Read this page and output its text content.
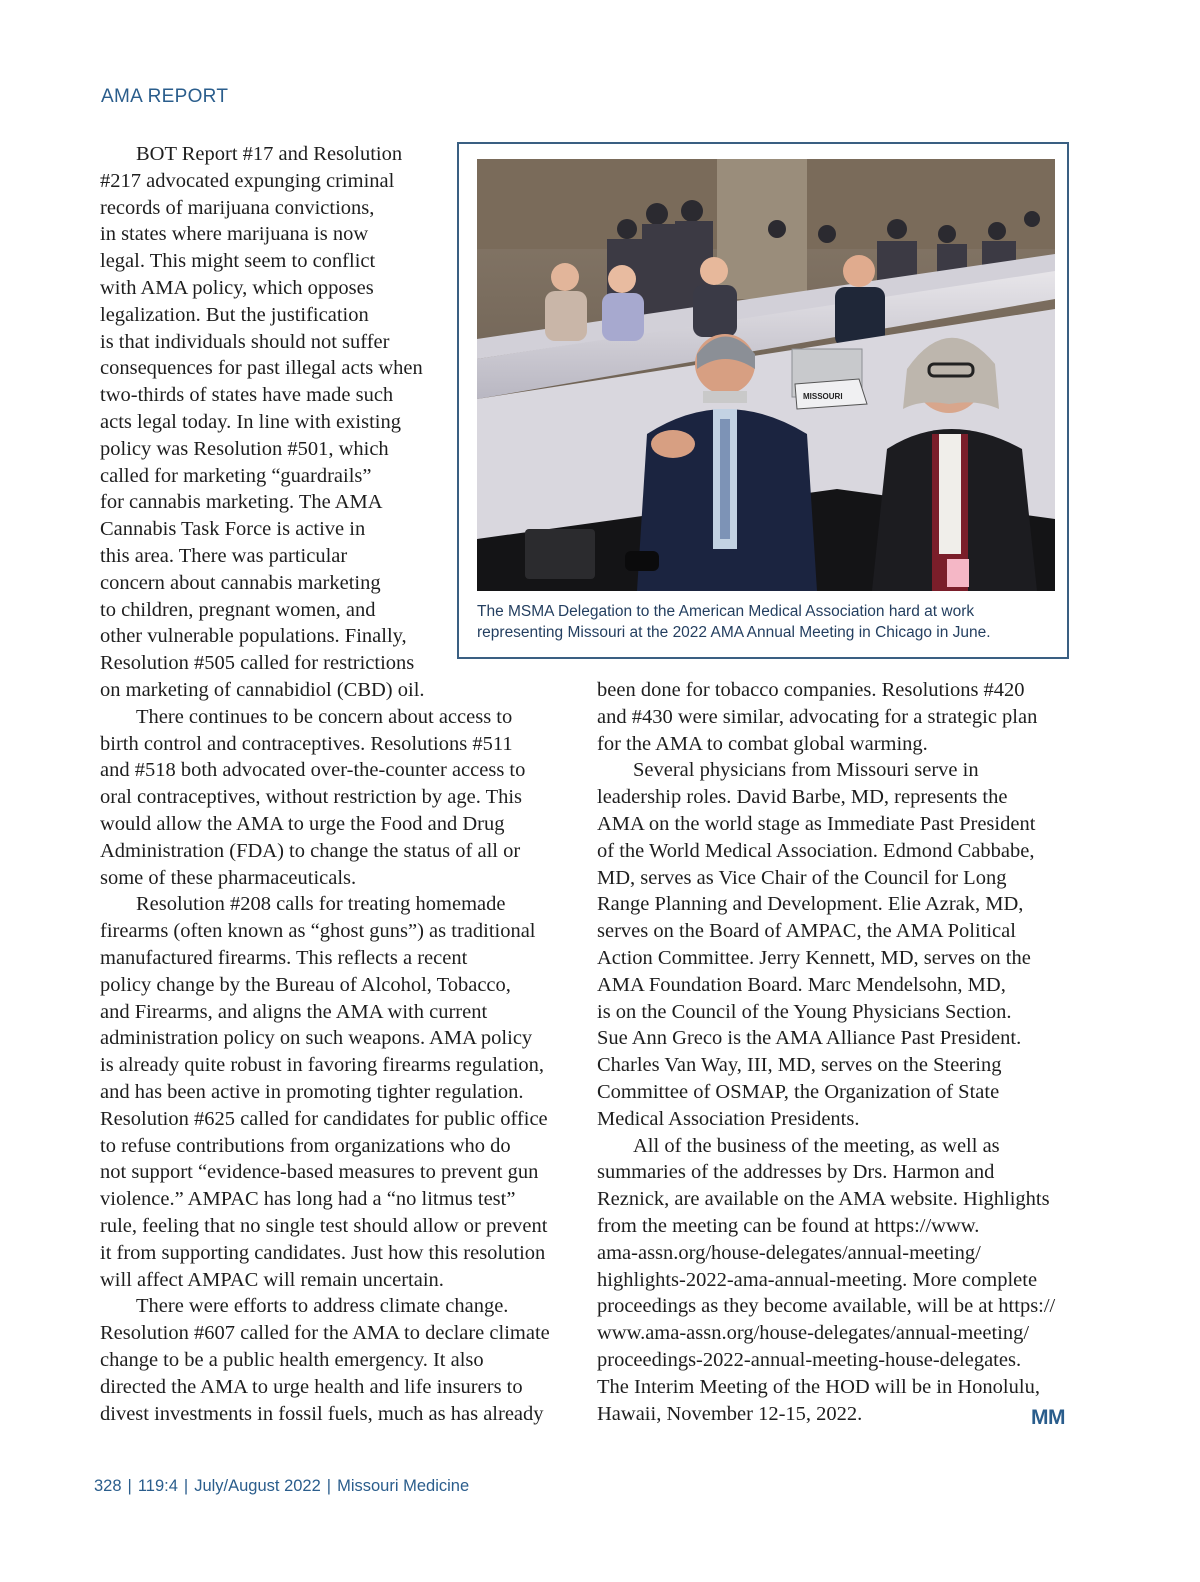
AMA REPORT
BOT Report #17 and Resolution
#217 advocated expunging criminal
records of marijuana convictions,
in states where marijuana is now
legal. This might seem to conflict
with AMA policy, which opposes
legalization. But the justification
is that individuals should not suffer
consequences for past illegal acts when
two-thirds of states have made such
acts legal today. In line with existing
policy was Resolution #501, which
called for marketing “guardrails”
for cannabis marketing. The AMA
Cannabis Task Force is active in
this area. There was particular
concern about cannabis marketing
to children, pregnant women, and
other vulnerable populations. Finally,
Resolution #505 called for restrictions
on marketing of cannabidiol (CBD) oil.
There continues to be concern about access to
birth control and contraceptives. Resolutions #511
and #518 both advocated over-the-counter access to
oral contraceptives, without restriction by age. This
would allow the AMA to urge the Food and Drug
Administration (FDA) to change the status of all or
some of these pharmaceuticals.
Resolution #208 calls for treating homemade
firearms (often known as “ghost guns”) as traditional
manufactured firearms. This reflects a recent
policy change by the Bureau of Alcohol, Tobacco,
and Firearms, and aligns the AMA with current
administration policy on such weapons. AMA policy
is already quite robust in favoring firearms regulation,
and has been active in promoting tighter regulation.
Resolution #625 called for candidates for public office
to refuse contributions from organizations who do
not support “evidence-based measures to prevent gun
violence.” AMPAC has long had a “no litmus test”
rule, feeling that no single test should allow or prevent
it from supporting candidates. Just how this resolution
will affect AMPAC will remain uncertain.
There were efforts to address climate change.
Resolution #607 called for the AMA to declare climate
change to be a public health emergency. It also
directed the AMA to urge health and life insurers to
divest investments in fossil fuels, much as has already
been done for tobacco companies. Resolutions #420
and #430 were similar, advocating for a strategic plan
for the AMA to combat global warming.
Several physicians from Missouri serve in
leadership roles. David Barbe, MD, represents the
AMA on the world stage as Immediate Past President
of the World Medical Association. Edmond Cabbabe,
MD, serves as Vice Chair of the Council for Long
Range Planning and Development. Elie Azrak, MD,
serves on the Board of AMPAC, the AMA Political
Action Committee. Jerry Kennett, MD, serves on the
AMA Foundation Board. Marc Mendelsohn, MD,
is on the Council of the Young Physicians Section.
Sue Ann Greco is the AMA Alliance Past President.
Charles Van Way, III, MD, serves on the Steering
Committee of OSMAP, the Organization of State
Medical Association Presidents.
All of the business of the meeting, as well as
summaries of the addresses by Drs. Harmon and
Reznick, are available on the AMA website. Highlights
from the meeting can be found at https://www.
ama-assn.org/house-delegates/annual-meeting/
highlights-2022-ama-annual-meeting. More complete
proceedings as they become available, will be at https://
www.ama-assn.org/house-delegates/annual-meeting/
proceedings-2022-annual-meeting-house-delegates.
The Interim Meeting of the HOD will be in Honolulu,
Hawaii, November 12-15, 2022.
MISSOURI
The MSMA Delegation to the American Medical Association hard at work
representing Missouri at the 2022 AMA Annual Meeting in Chicago in June.
MM
328 | 119:4 | July/August 2022 | Missouri Medicine
